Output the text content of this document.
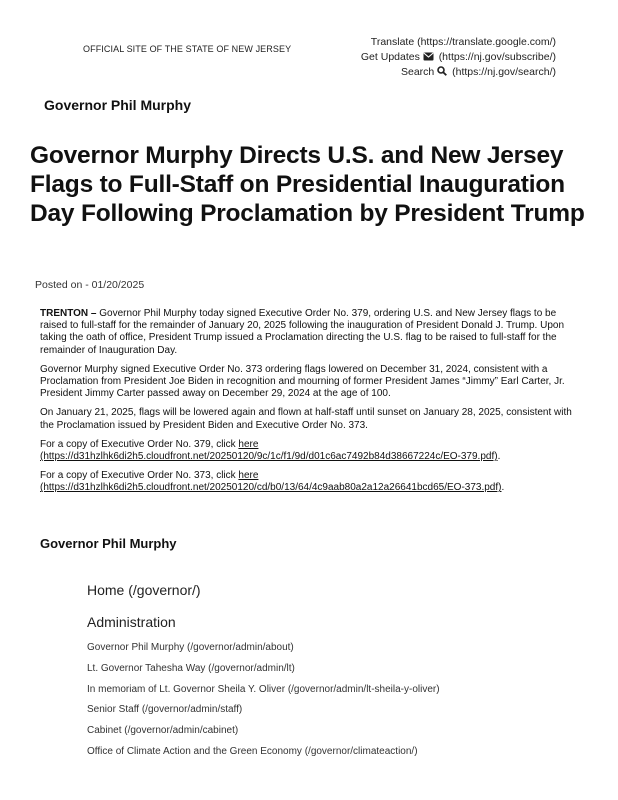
OFFICIAL SITE OF THE STATE OF NEW JERSEY
Translate (https://translate.google.com/)
Get Updates (https://nj.gov/subscribe/)
Search (https://nj.gov/search/)
Governor Phil Murphy
Governor Murphy Directs U.S. and New Jersey Flags to Full-Staff on Presidential Inauguration Day Following Proclamation by President Trump
Posted on - 01/20/2025

TRENTON – Governor Phil Murphy today signed Executive Order No. 379, ordering U.S. and New Jersey flags to be raised to full-staff for the remainder of January 20, 2025 following the inauguration of President Donald J. Trump. Upon taking the oath of office, President Trump issued a Proclamation directing the U.S. flag to be raised to full-staff for the remainder of Inauguration Day.

Governor Murphy signed Executive Order No. 373 ordering flags lowered on December 31, 2024, consistent with a Proclamation from President Joe Biden in recognition and mourning of former President James “Jimmy” Earl Carter, Jr. President Jimmy Carter passed away on December 29, 2024 at the age of 100.

On January 21, 2025, flags will be lowered again and flown at half-staff until sunset on January 28, 2025, consistent with the Proclamation issued by President Biden and Executive Order No. 373.

For a copy of Executive Order No. 379, click here
(https://d31hzlhk6di2h5.cloudfront.net/20250120/9c/1c/f1/9d/d01c6ac7492b84d38667224c/EO-379.pdf).

For a copy of Executive Order No. 373, click here
(https://d31hzlhk6di2h5.cloudfront.net/20250120/cd/b0/13/64/4c9aab80a2a12a26641bcd65/EO-373.pdf).

Governor Phil Murphy
Home (/governor/)
Administration
Governor Phil Murphy (/governor/admin/about)
Lt. Governor Tahesha Way (/governor/admin/lt)
In memoriam of Lt. Governor Sheila Y. Oliver (/governor/admin/lt-sheila-y-oliver)
Senior Staff (/governor/admin/staff)
Cabinet (/governor/admin/cabinet)
Office of Climate Action and the Green Economy (/governor/climateaction/)
